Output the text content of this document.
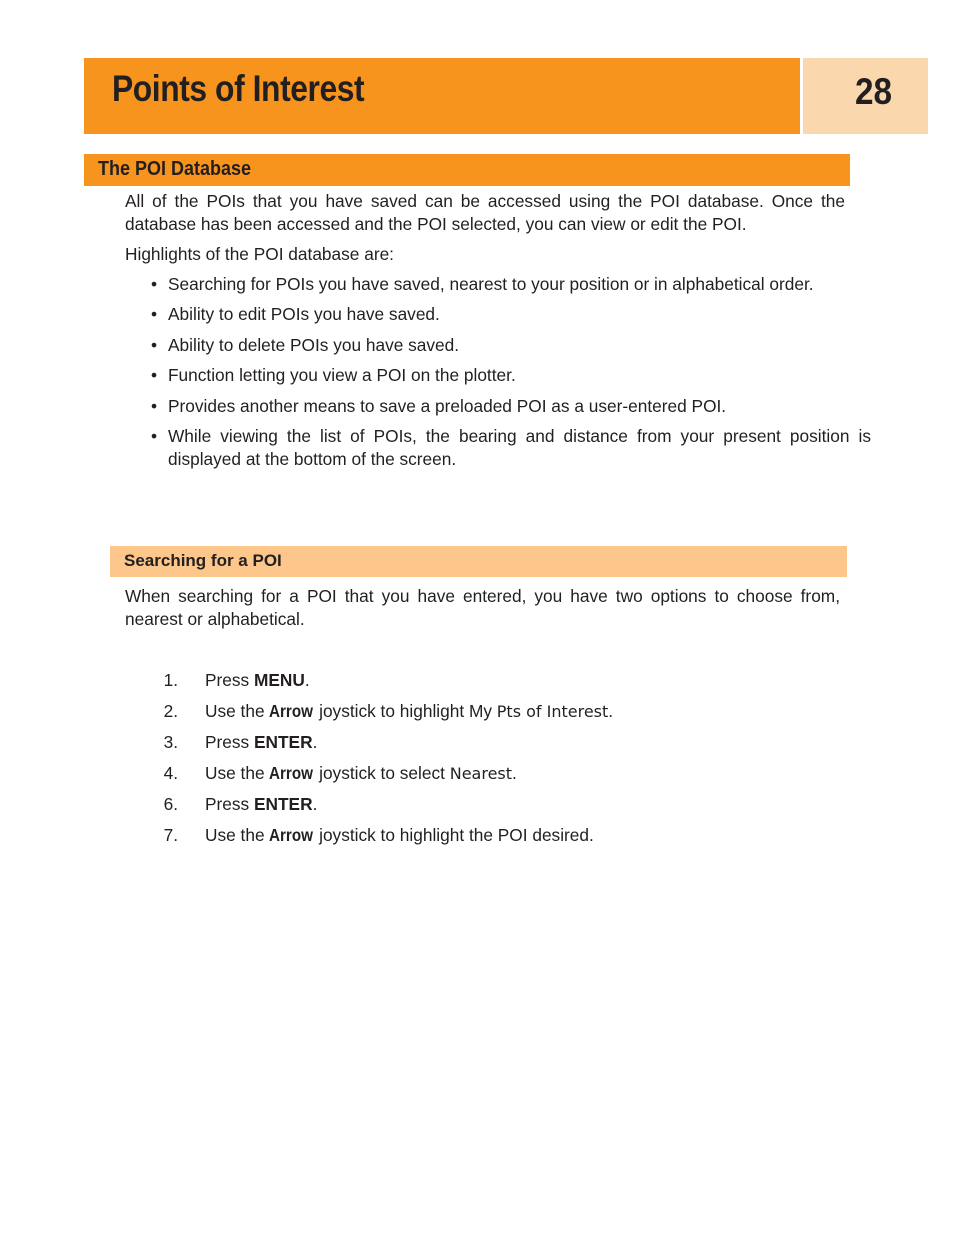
Points of Interest	28
The POI Database
All of the POIs that you have saved can be accessed using the POI database. Once the database has been accessed and the POI selected, you can view or edit the POI.
Highlights of the POI database are:
• Searching for POIs you have saved, nearest to your position or in alphabetical order.
• Ability to edit POIs you have saved.
• Ability to delete POIs you have saved.
• Function letting you view a POI on the plotter.
• Provides another means to save a preloaded POI as a user-entered POI.
• While viewing the list of POIs, the bearing and distance from your present position is displayed at the bottom of the screen.
Searching for a POI
When searching for a POI that you have entered, you have two options to choose from, nearest or alphabetical.
1. Press MENU.
2. Use the Arrow joystick to highlight My Pts of Interest.
3. Press ENTER.
4. Use the Arrow joystick to select Nearest.
6. Press ENTER.
7. Use the Arrow joystick to highlight the POI desired.
